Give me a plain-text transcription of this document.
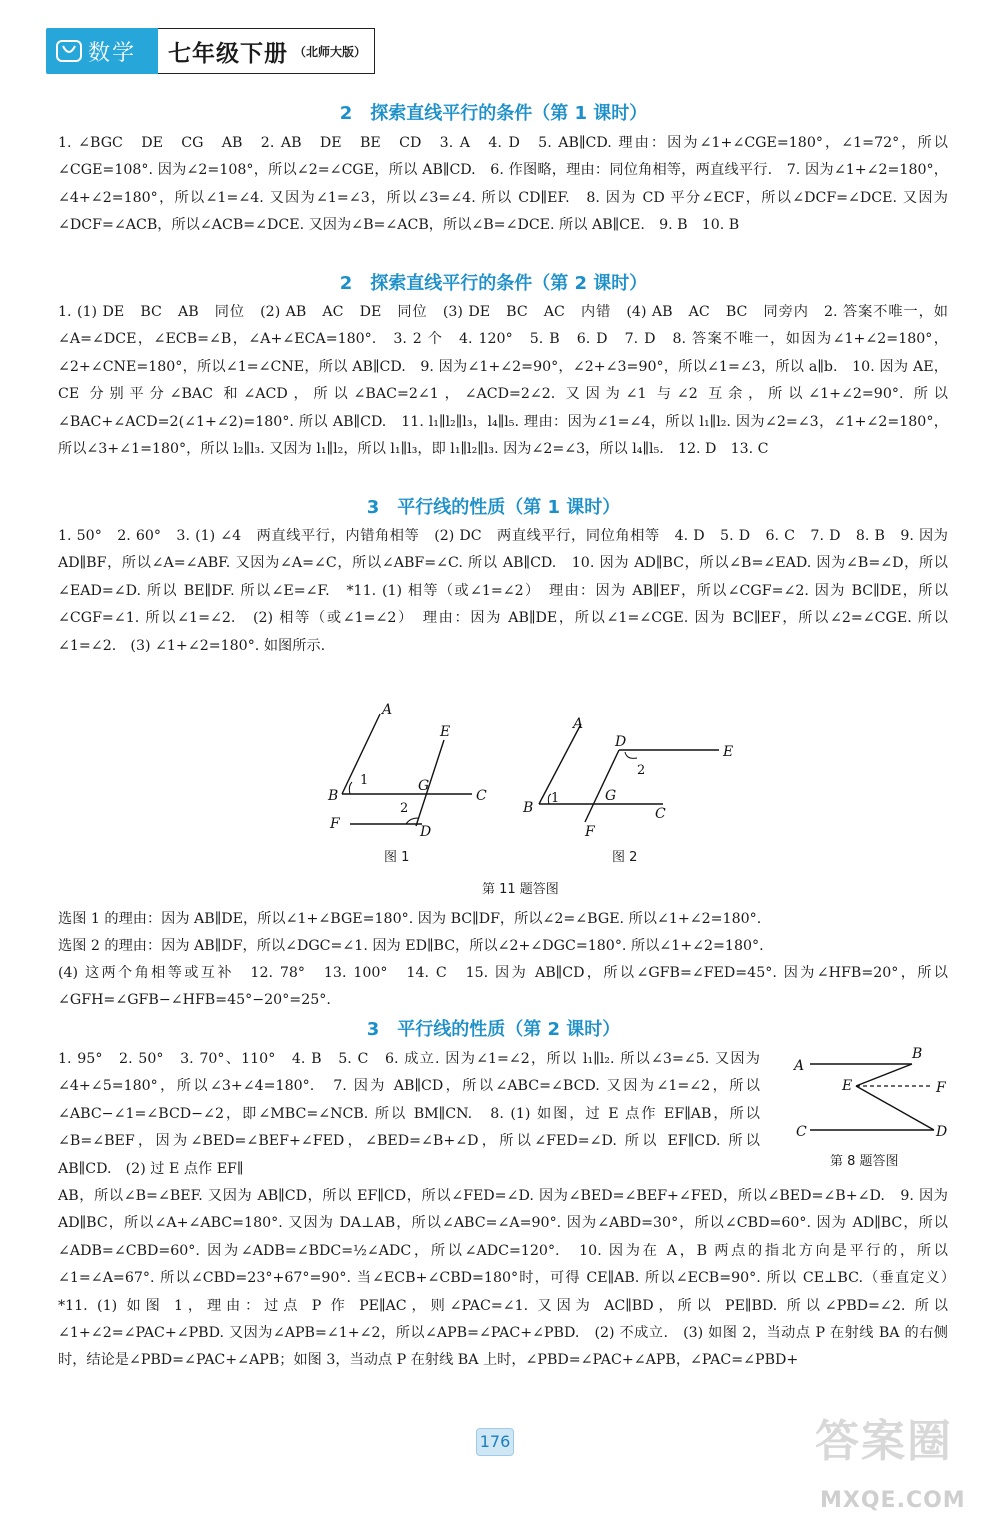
数学 七年级下册 （北师大版）
2　探索直线平行的条件（第 1 课时）

1. ∠BGC　DE　CG　AB　2. AB　DE　BE　CD　3. A　4. D　5. AB∥CD. 理由：因为∠1+∠CGE=180°，∠1=72°，所以∠CGE=108°. 因为∠2=108°，所以∠2=∠CGE，所以 AB∥CD.　6. 作图略，理由：同位角相等，两直线平行.　7. 因为∠1+∠2=180°，∠4+∠2=180°，所以∠1=∠4. 又因为∠1=∠3，所以∠3=∠4. 所以 CD∥EF.　8. 因为 CD 平分∠ECF，所以∠DCF=∠DCE. 又因为∠DCF=∠ACB，所以∠ACB=∠DCE. 又因为∠B=∠ACB，所以∠B=∠DCE. 所以 AB∥CE.　9. B　10. B

2　探索直线平行的条件（第 2 课时）

1. (1) DE　BC　AB　同位　(2) AB　AC　DE　同位　(3) DE　BC　AC　内错　(4) AB　AC　BC　同旁内　2. 答案不唯一，如∠A=∠DCE，∠ECB=∠B，∠A+∠ECA=180°.　3. 2 个　4. 120°　5. B　6. D　7. D　8. 答案不唯一，如因为∠1+∠2=180°，∠2+∠CNE=180°，所以∠1=∠CNE，所以 AB∥CD.　9. 因为∠1+∠2=90°，∠2+∠3=90°，所以∠1=∠3，所以 a∥b.　10. 因为 AE，CE 分别平分∠BAC 和∠ACD，所以∠BAC=2∠1，∠ACD=2∠2. 又因为∠1 与∠2 互余，所以∠1+∠2=90°. 所以∠BAC+∠ACD=2(∠1+∠2)=180°. 所以 AB∥CD.　11. l₁∥l₂∥l₃，l₄∥l₅. 理由：因为∠1=∠4，所以 l₁∥l₂. 因为∠2=∠3，∠1+∠2=180°，所以∠3+∠1=180°，所以 l₂∥l₃. 又因为 l₁∥l₂，所以 l₁∥l₃，即 l₁∥l₂∥l₃. 因为∠2=∠3，所以 l₄∥l₅.　12. D　13. C

3　平行线的性质（第 1 课时）

1. 50°　2. 60°　3. (1) ∠4　两直线平行，内错角相等　(2) DC　两直线平行，同位角相等　4. D　5. D　6. C　7. D　8. B　9. 因为 AD∥BF，所以∠A=∠ABF. 又因为∠A=∠C，所以∠ABF=∠C. 所以 AB∥CD.　10. 因为 AD∥BC，所以∠B=∠EAD. 因为∠B=∠D，所以∠EAD=∠D. 所以 BE∥DF. 所以∠E=∠F.　*11. (1) 相等（或∠1=∠2）　理由：因为 AB∥EF，所以∠CGF=∠2. 因为 BC∥DE，所以∠CGF=∠1. 所以∠1=∠2.　(2) 相等（或∠1=∠2）　理由：因为 AB∥DE，所以∠1=∠CGE. 因为 BC∥EF，所以∠2=∠CGE. 所以∠1=∠2.　(3) ∠1+∠2=180°. 如图所示.

A
E
B	C
G
F	D
1
2
图 1
A
D
E
B
G
C
F
1
2
图 2
第 11 题答图

选图 1 的理由：因为 AB∥DE，所以∠1+∠BGE=180°. 因为 BC∥DF，所以∠2=∠BGE. 所以∠1+∠2=180°.

选图 2 的理由：因为 AB∥DF，所以∠DGC=∠1. 因为 ED∥BC，所以∠2+∠DGC=180°. 所以∠1+∠2=180°.

(4) 这两个角相等或互补　12. 78°　13. 100°　14. C　15. 因为 AB∥CD，所以∠GFB=∠FED=45°. 因为∠HFB=20°，所以∠GFH=∠GFB−∠HFB=45°−20°=25°.

3　平行线的性质（第 2 课时）

1. 95°　2. 50°　3. 70°、110°　4. B　5. C　6. 成立. 因为∠1=∠2，所以 l₁∥l₂. 所以∠3=∠5. 又因为∠4+∠5=180°，所以∠3+∠4=180°.　7. 因为 AB∥CD，所以∠ABC=∠BCD. 又因为∠1=∠2，所以∠ABC−∠1=∠BCD−∠2，即∠MBC=∠NCB. 所以 BM∥CN.　8. (1) 如图，过 E 点作 EF∥AB，所以∠B=∠BEF，因为∠BED=∠BEF+∠FED，∠BED=∠B+∠D，所以∠FED=∠D. 所以 EF∥CD. 所以 AB∥CD.　(2) 过 E 点作 EF∥

A
B
E	F
C	D
第 8 题答图

AB，所以∠B=∠BEF. 又因为 AB∥CD，所以 EF∥CD，所以∠FED=∠D. 因为∠BED=∠BEF+∠FED，所以∠BED=∠B+∠D.　9. 因为 AD∥BC，所以∠A+∠ABC=180°. 又因为 DA⊥AB，所以∠ABC=∠A=90°. 因为∠ABD=30°，所以∠CBD=60°. 因为 AD∥BC，所以∠ADB=∠CBD=60°. 因为∠ADB=∠BDC=½∠ADC，所以∠ADC=120°.　10. 因为在 A，B 两点的指北方向是平行的，所以∠1=∠A=67°. 所以∠CBD=23°+67°=90°. 当∠ECB+∠CBD=180°时，可得 CE∥AB. 所以∠ECB=90°. 所以 CE⊥BC.（垂直定义）　*11. (1) 如图 1，理由：过点 P 作 PE∥AC，则∠PAC=∠1. 又因为 AC∥BD，所以 PE∥BD. 所以∠PBD=∠2. 所以∠1+∠2=∠PAC+∠PBD. 又因为∠APB=∠1+∠2，所以∠APB=∠PAC+∠PBD.　(2) 不成立.　(3) 如图 2，当动点 P 在射线 BA 的右侧时，结论是∠PBD=∠PAC+∠APB；如图 3，当动点 P 在射线 BA 上时，∠PBD=∠PAC+∠APB，∠PAC=∠PBD+

176	答案圈
MXQE.COM
